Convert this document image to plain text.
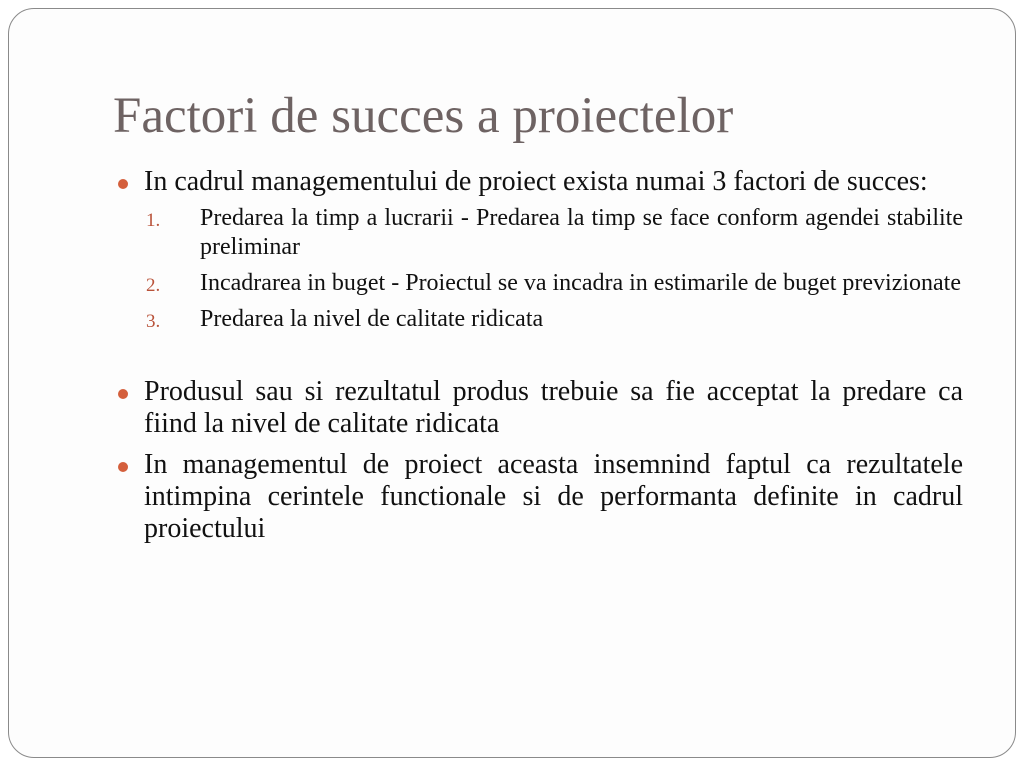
Factori de succes a proiectelor
In cadrul managementului de proiect exista numai 3 factori de succes:
1.	Predarea la timp a lucrarii - Predarea la timp se face conform agendei stabilite preliminar
2.	Incadrarea in buget - Proiectul se va incadra in estimarile de buget previzionate
3.	Predarea la nivel de calitate ridicata
Produsul sau si rezultatul produs trebuie sa fie acceptat la predare ca fiind la nivel de calitate ridicata
In managementul de proiect aceasta insemnind faptul ca rezultatele intimpina cerintele functionale si de performanta definite in cadrul proiectului
